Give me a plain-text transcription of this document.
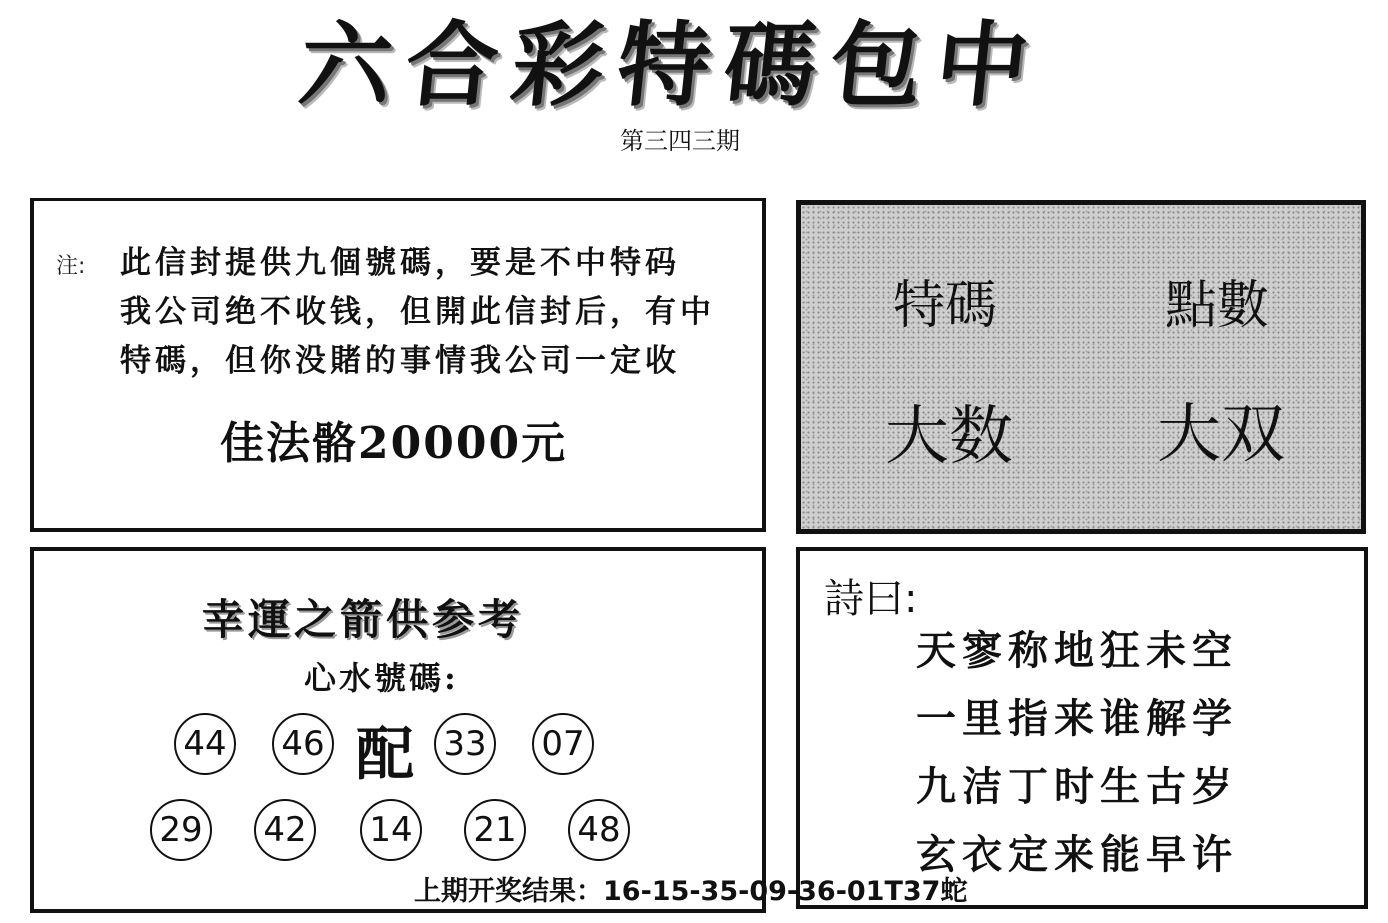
六合彩特碼包中
第三四三期
注: 此信封提供九個號碼，要是不中特码
我公司绝不收钱，但開此信封后，有中
特碼，但你没賭的事情我公司一定收
佳法骼20000元
特碼	點數
大数 大双
幸運之箭供参考
心水號碼:
44 46 配 33 07
29 42 14 21 48
詩曰:
天寥称地狂未空
一里指来谁解学
九洁丁时生古岁
玄衣定来能早许
上期开奖结果：16-15-35-09-36-01T37蛇
